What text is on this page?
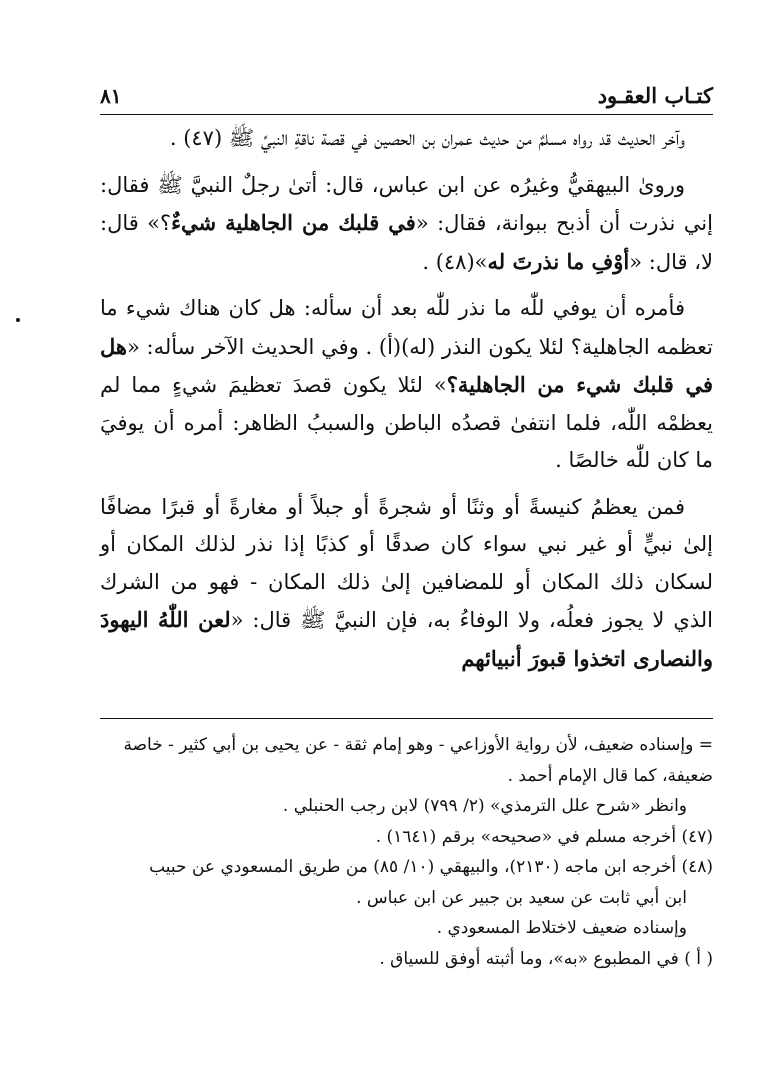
كتـاب العقـود
٨١

وآخر الحديث قد رواه مسلمٌ من حديث عمران بن الحصين في قصة ناقةِ النبيِّ ﷺ (٤٧) .

وروىٰ البيهقيُّ وغيرُه عن ابن عباس، قال: أتىٰ رجلٌ النبيَّ ﷺ فقال: إني نذرت أن أذبح ببوانة، فقال: «في قلبك من الجاهلية شيءٌ؟» قال: لا، قال: «أوْفِ ما نذرتَ له»(٤٨) .

فأمره أن يوفي للّٰه ما نذر للّٰه بعد أن سأله: هل كان هناك شيء ما تعظمه الجاهلية؟ لئلا يكون النذر (له)(أ) . وفي الحديث الآخر سأله: «هل في قلبك شيء من الجاهلية؟» لئلا يكون قصدَ تعظيمَ شيءٍ مما لم يعظمْه اللّٰه، فلما انتفىٰ قصدُه الباطن والسببُ الظاهر: أمره أن يوفيَ ما كان للّٰه خالصًا .

فمن يعظمُ كنيسةً أو وثنًا أو شجرةً أو جبلاً أو مغارةً أو قبرًا مضافًا إلىٰ نبيٍّ أو غير نبي سواء كان صدقًا أو كذبًا إذا نذر لذلك المكان أو لسكان ذلك المكان أو للمضافين إلىٰ ذلك المكان - فهو من الشرك الذي لا يجوز فعلُه، ولا الوفاءُ به، فإن النبيَّ ﷺ قال: «لعن اللّٰهُ اليهودَ والنصارى اتخذوا قبورَ أنبيائهم

= وإسناده ضعيف، لأن رواية الأوزاعي - وهو إمام ثقة - عن يحيى بن أبي كثير - خاصة ضعيفة، كما قال الإمام أحمد .

وانظر «شرح علل الترمذي» (٢/ ٧٩٩) لابن رجب الحنبلي .

(٤٧) أخرجه مسلم في «صحيحه» برقم (١٦٤١) .

(٤٨) أخرجه ابن ماجه (٢١٣٠)، والبيهقي (١٠/ ٨٥) من طريق المسعودي عن حبيب

ابن أبي ثابت عن سعيد بن جبير عن ابن عباس .

وإسناده ضعيف لاختلاط المسعودي .

( أ ) في المطبوع «به»، وما أثبته أوفق للسياق .
